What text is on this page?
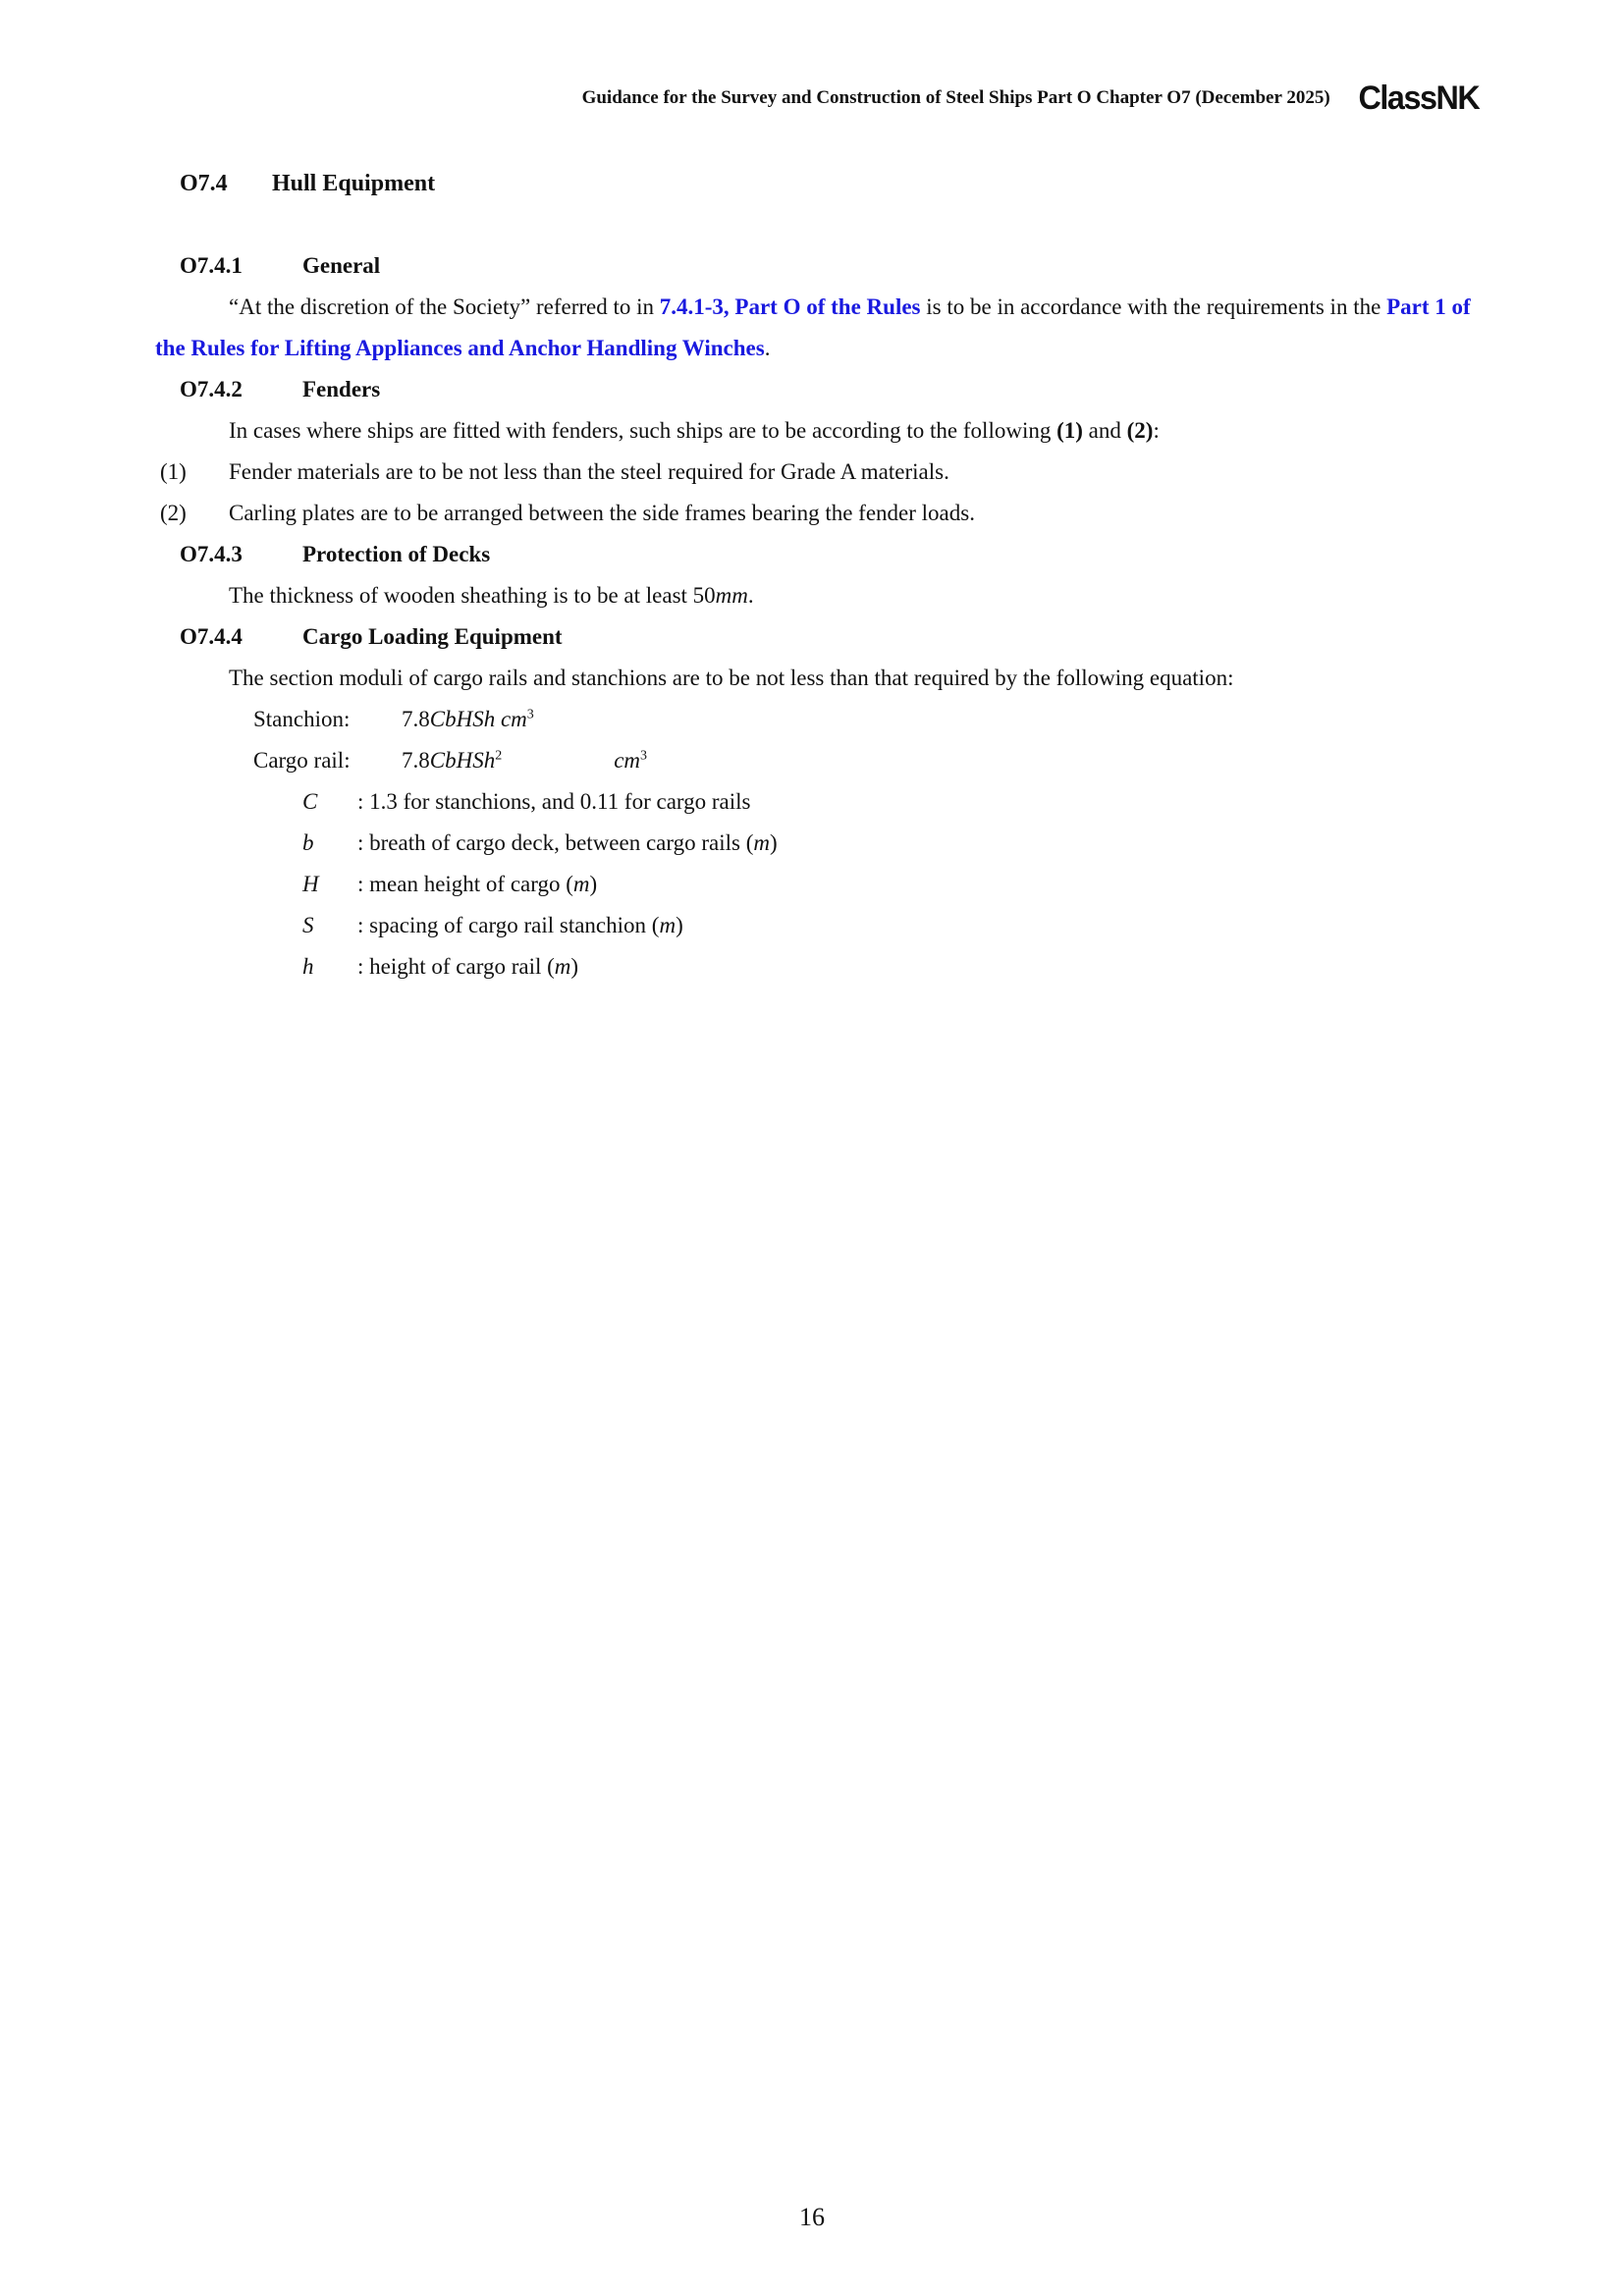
Guidance for the Survey and Construction of Steel Ships Part O Chapter O7 (December 2025) ClassNK
O7.4	Hull Equipment
O7.4.1	General
“At the discretion of the Society” referred to in 7.4.1-3, Part O of the Rules is to be in accordance with the requirements in the Part 1 of the Rules for Lifting Appliances and Anchor Handling Winches.
O7.4.2	Fenders
In cases where ships are fitted with fenders, such ships are to be according to the following (1) and (2):
(1)	Fender materials are to be not less than the steel required for Grade A materials.
(2)	Carling plates are to be arranged between the side frames bearing the fender loads.
O7.4.3	Protection of Decks
The thickness of wooden sheathing is to be at least 50mm.
O7.4.4	Cargo Loading Equipment
The section moduli of cargo rails and stanchions are to be not less than that required by the following equation:
Stanchion:	7.8CbHSh $cm^3$
Cargo rail:	7.8CbHSh$^2$	$cm^3$
C	: 1.3 for stanchions, and 0.11 for cargo rails
b	: breath of cargo deck, between cargo rails (m)
H	: mean height of cargo (m)
S	: spacing of cargo rail stanchion (m)
h	: height of cargo rail (m)
16
